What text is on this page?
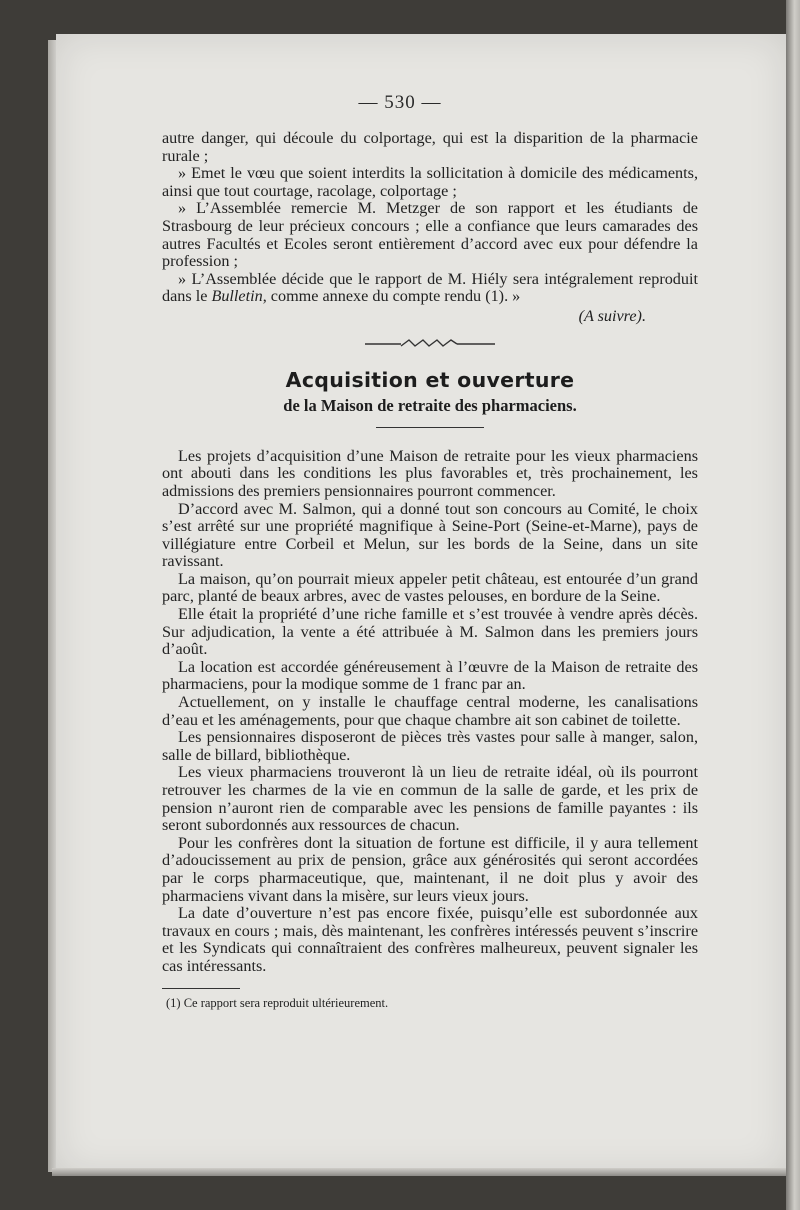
— 530 —

autre danger, qui découle du colportage, qui est la disparition de la pharmacie rurale ;

» Emet le vœu que soient interdits la sollicitation à domicile des médicaments, ainsi que tout courtage, racolage, colportage ;

» L’Assemblée remercie M. Metzger de son rapport et les étudiants de Strasbourg de leur précieux concours ; elle a confiance que leurs camarades des autres Facultés et Ecoles seront entièrement d’accord avec eux pour défendre la profession ;

» L’Assemblée décide que le rapport de M. Hiély sera intégralement reproduit dans le Bulletin, comme annexe du compte rendu (1). »

(A suivre).

Acquisition et ouverture
de la Maison de retraite des pharmaciens.

Les projets d’acquisition d’une Maison de retraite pour les vieux pharmaciens ont abouti dans les conditions les plus favorables et, très prochainement, les admissions des premiers pensionnaires pourront commencer.

D’accord avec M. Salmon, qui a donné tout son concours au Comité, le choix s’est arrêté sur une propriété magnifique à Seine-Port (Seine-et-Marne), pays de villégiature entre Corbeil et Melun, sur les bords de la Seine, dans un site ravissant.

La maison, qu’on pourrait mieux appeler petit château, est entourée d’un grand parc, planté de beaux arbres, avec de vastes pelouses, en bordure de la Seine.

Elle était la propriété d’une riche famille et s’est trouvée à vendre après décès. Sur adjudication, la vente a été attribuée à M. Salmon dans les premiers jours d’août.

La location est accordée généreusement à l’œuvre de la Maison de retraite des pharmaciens, pour la modique somme de 1 franc par an.

Actuellement, on y installe le chauffage central moderne, les canalisations d’eau et les aménagements, pour que chaque chambre ait son cabinet de toilette.

Les pensionnaires disposeront de pièces très vastes pour salle à manger, salon, salle de billard, bibliothèque.

Les vieux pharmaciens trouveront là un lieu de retraite idéal, où ils pourront retrouver les charmes de la vie en commun de la salle de garde, et les prix de pension n’auront rien de comparable avec les pensions de famille payantes : ils seront subordonnés aux ressources de chacun.

Pour les confrères dont la situation de fortune est difficile, il y aura tellement d’adoucissement au prix de pension, grâce aux générosités qui seront accordées par le corps pharmaceutique, que, maintenant, il ne doit plus y avoir des pharmaciens vivant dans la misère, sur leurs vieux jours.

La date d’ouverture n’est pas encore fixée, puisqu’elle est subordonnée aux travaux en cours ; mais, dès maintenant, les confrères intéressés peuvent s’inscrire et les Syndicats qui connaîtraient des confrères malheureux, peuvent signaler les cas intéressants.

(1) Ce rapport sera reproduit ultérieurement.
